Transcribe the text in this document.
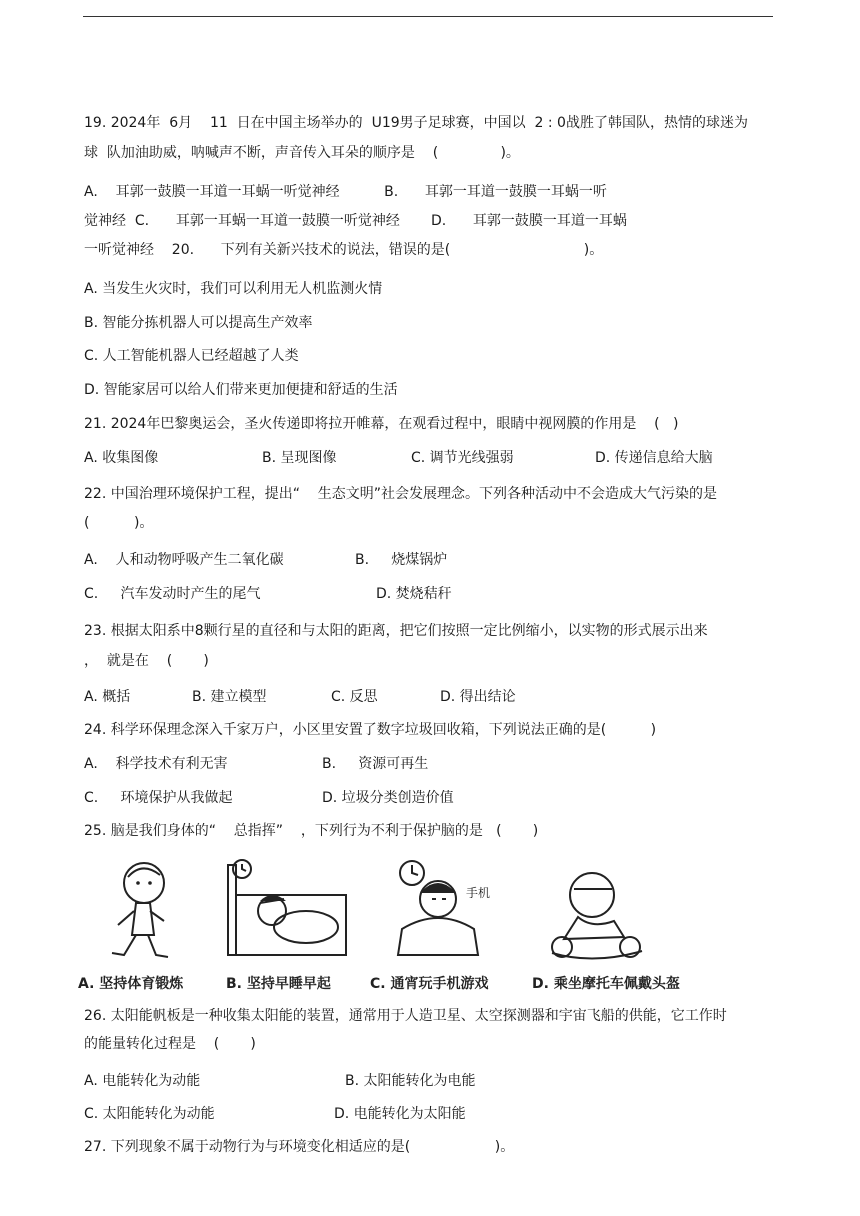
19. 2024年  6月    11  日在中国主场举办的  U19男子足球赛，中国以  2 : 0战胜了韩国队，热情的球迷为
球  队加油助威，呐喊声不断，声音传入耳朵的顺序是    (              )。
A.    耳郭一鼓膜一耳道一耳蜗一听觉神经          B.      耳郭一耳道一鼓膜一耳蜗一听
觉神经  C.      耳郭一耳蜗一耳道一鼓膜一听觉神经       D.      耳郭一鼓膜一耳道一耳蜗
一听觉神经    20.      下列有关新兴技术的说法，错误的是(                              )。
A. 当发生火灾时，我们可以利用无人机监测火情
B. 智能分拣机器人可以提高生产效率
C. 人工智能机器人已经超越了人类
D. 智能家居可以给人们带来更加便捷和舒适的生活
21. 2024年巴黎奥运会，圣火传递即将拉开帷幕，在观看过程中，眼睛中视网膜的作用是    (   )
A. 收集图像	B. 呈现图像	C. 调节光线强弱	D. 传递信息给大脑
22. 中国治理环境保护工程，提出“    生态文明”社会发展理念。下列各种活动中不会造成大气污染的是
(          )。
A.    人和动物呼吸产生二氧化碳	B.     烧煤锅炉
C.     汽车发动时产生的尾气	D. 焚烧秸秆
23. 根据太阳系中8颗行星的直径和与太阳的距离，把它们按照一定比例缩小，以实物的形式展示出来
，  就是在    (       )
A. 概括	B. 建立模型	C. 反思	D. 得出结论
24. 科学环保理念深入千家万户，小区里安置了数字垃圾回收箱，下列说法正确的是(          )
A.    科学技术有利无害	B.     资源可再生
C.     环境保护从我做起	D. 垃圾分类创造价值
25. 脑是我们身体的“    总指挥”    ，下列行为不利于保护脑的是   (       )
A. 坚持体育锻炼	B. 坚持早睡早起
手机
C. 通宵玩手机游戏	D. 乘坐摩托车佩戴头盔
26. 太阳能帆板是一种收集太阳能的装置，通常用于人造卫星、太空探测器和宇宙飞船的供能，它工作时
的能量转化过程是    (       )
A. 电能转化为动能	B. 太阳能转化为电能
C. 太阳能转化为动能	D. 电能转化为太阳能
27. 下列现象不属于动物行为与环境变化相适应的是(                   )。
